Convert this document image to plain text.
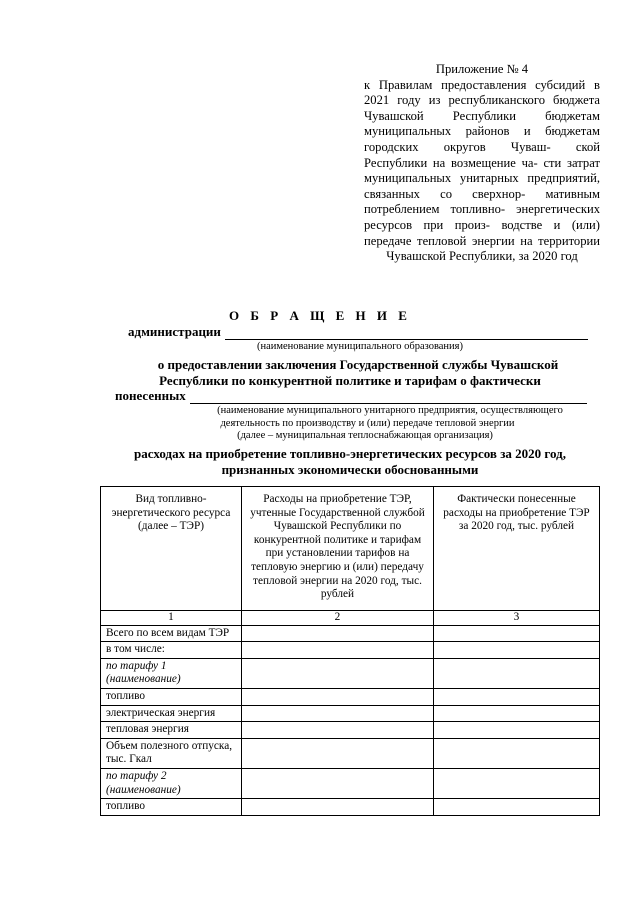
Приложение № 4
к Правилам предоставления субсидий в 2021 году из республиканского бюджета Чувашской Республики бюджетам муниципальных районов и бюджетам городских округов Чуваш- ской Республики на возмещение ча- сти затрат муниципальных унитарных предприятий, связанных со сверхнор- мативным потреблением топливно- энергетических ресурсов при произ- водстве и (или) передаче тепловой энергии на территории Чувашской Республики, за 2020 год
О Б Р А Щ Е Н И Е
администрации
(наименование муниципального образования)
о предоставлении заключения Государственной службы Чувашской
Республики по конкурентной политике и тарифам о фактически
понесенных
(наименование муниципального унитарного предприятия, осуществляющего
деятельность по производству и (или) передаче тепловой энергии
(далее – муниципальная теплоснабжающая организация)
расходах на приобретение топливно-энергетических ресурсов за 2020 год,
признанных экономически обоснованными
Вид топливно-энергетического ресурса (далее – ТЭР)	Расходы на приобретение ТЭР, учтенные Государственной службой Чувашской Республики по конкурентной политике и тарифам при установлении тарифов на тепловую энергию и (или) передачу тепловой энергии на 2020 год, тыс. рублей	Фактически понесенные расходы на приобретение ТЭР за 2020 год, тыс. рублей
1	2	3
Всего по всем видам ТЭР		
в том числе:		
по тарифу 1 (наименование)		
топливо		
электрическая энергия		
тепловая энергия		
Объем полезного отпуска, тыс. Гкал		
по тарифу 2 (наименование)		
топливо		
